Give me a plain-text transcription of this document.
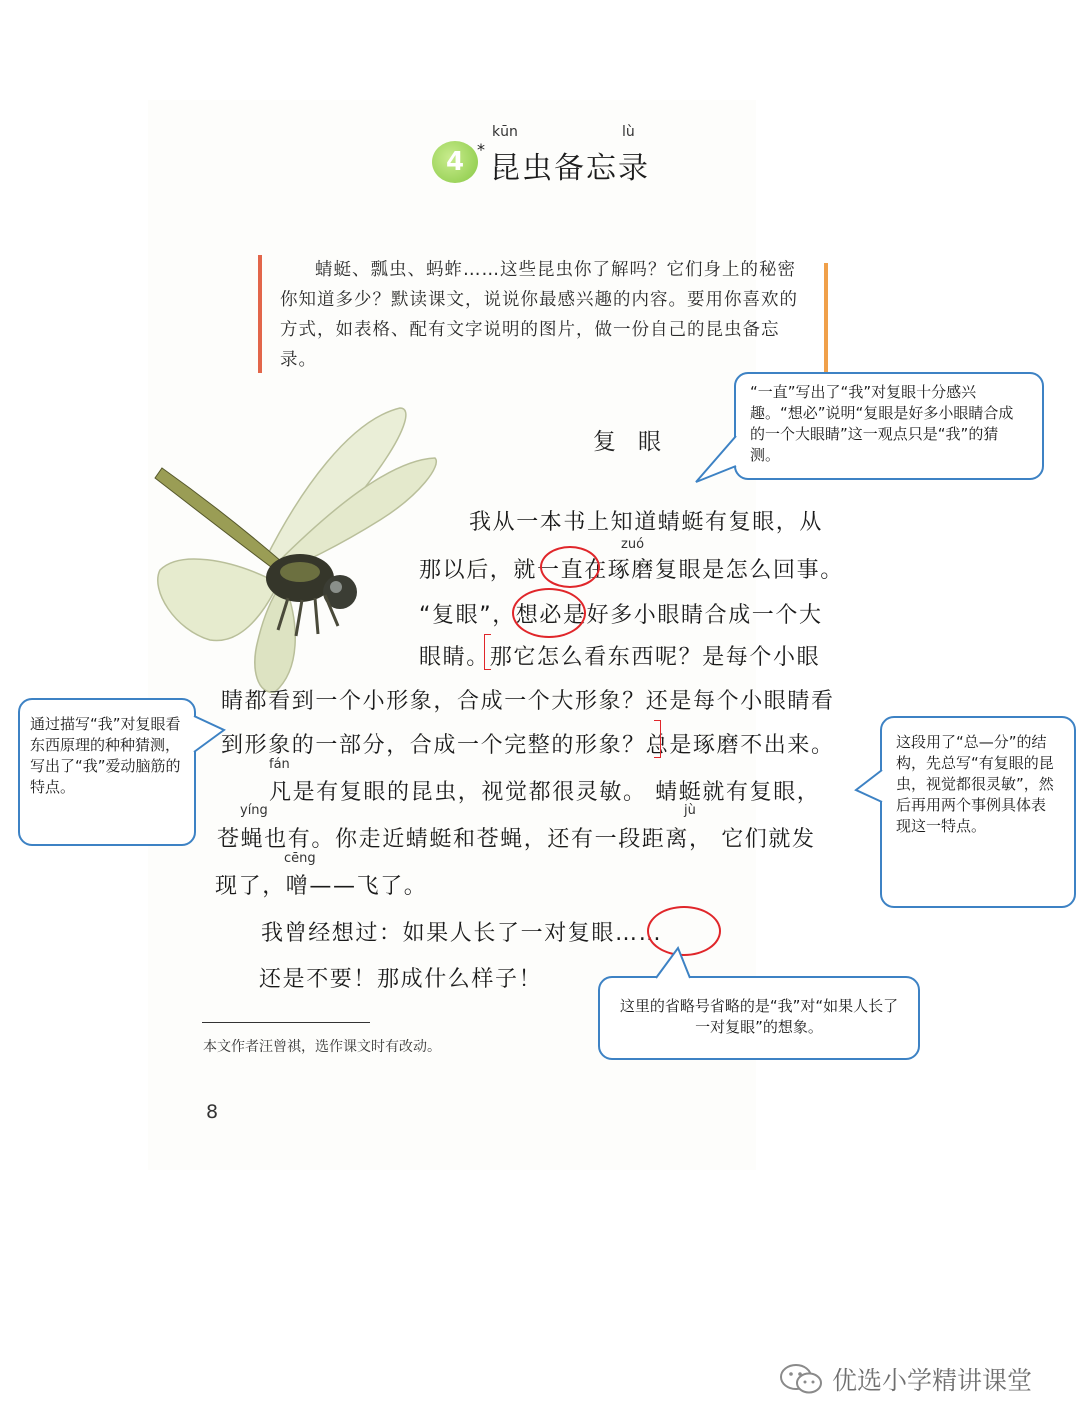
4 *
kūn	lù
昆虫备忘录

蜻蜓、瓢虫、蚂蚱……这些昆虫你了解吗？它们身上的秘密你知道多少？默读课文，说说你最感兴趣的内容。要用你喜欢的方式，如表格、配有文字说明的图片，做一份自己的昆虫备忘录。

复眼
zuó
fán
yíng	jù
cēng
我从一本书上知道蜻蜓有复眼，从
那以后，就一直在琢磨复眼是怎么回事。
“复眼”，想必是好多小眼睛合成一个大
眼睛。那它怎么看东西呢？是每个小眼
睛都看到一个小形象，合成一个大形象？还是每个小眼睛看
到形象的一部分，合成一个完整的形象？总是琢磨不出来。
凡是有复眼的昆虫，视觉都很灵敏。 蜻蜓就有复眼，
苍蝇也有。你走近蜻蜓和苍蝇，还有一段距离， 它们就发
现了，噌——飞了。
我曾经想过：如果人长了一对复眼……
还是不要！那成什么样子！
“一直”写出了“我”对复眼十分感兴趣。“想必”说明“复眼是好多小眼睛合成的一个大眼睛”这一观点只是“我”的猜测。
通过描写“我”对复眼看东西原理的种种猜测，写出了“我”爱动脑筋的特点。
这段用了“总—分”的结构，先总写“有复眼的昆虫，视觉都很灵敏”，然后再用两个事例具体表现这一特点。
这里的省略号省略的是“我”对“如果人长了一对复眼”的想象。
本文作者汪曾祺，选作课文时有改动。
8
优选小学精讲课堂
